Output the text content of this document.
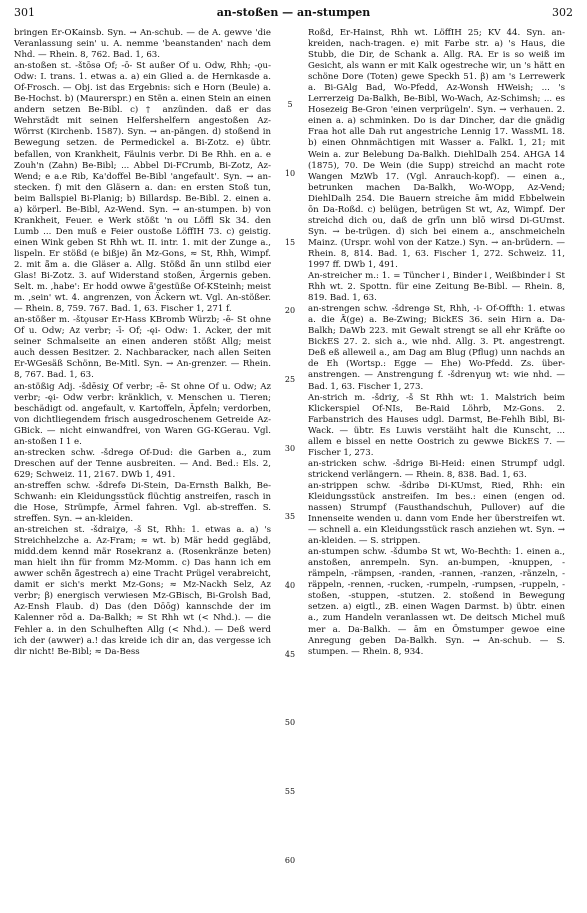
301	an-stoßen — an-stumpen	302

bringen Er-OKainsb. Syn. → An-schub. — de A. gewve 'die Veranlassung sein' u. A. nemme 'beanstanden' nach dem Nhd. — Rhein. 8, 762. Bad. 1, 63.

an-stoßen st. -štōsə Of; -ō- St außer Of u. Odw, Rhh; -ǫu- Odw: I. trans. 1. etwas a. a) ein Glied a. de Hernkasde a. Of-Frosch. — Obj. ist das Ergebnis: sich e Horn (Beule) a. Be-Hochst. b) (Maurerspr.) en Stẽn a. einen Stein an einen andern setzen Be-Bibl. c) † anzünden. daß er das Wehrstädt mit seinen Helfershelfern angestoßen Az-Wörrst (Kirchenb. 1587). Syn. → an-pängen. d) stoßend in Bewegung setzen. de Permedickel a. Bi-Zotz. e) übtr. befallen, von Krankheit, Fäulnis verbr. Di Be Rhh. en a. e Zouh'n (Zahn) Be-Bibl; ... Abbel Di-FCrumb, Bi-Zotz, Az-Wend; e a.e Rib, Ka'doffel Be-Bibl 'angefault'. Syn. → an-stecken. f) mit den Gläsern a. dan: en ersten Stoß tun, beim Ballspiel Bi-Planig; b) Billardsp. Be-Bibl. 2. einen a. a) körperl. Be-Bibl, Az-Wend. Syn. → an-stumpen. b) von Krankheit, Feuer. e Werk stößt 'n ou Löffl Sk 34. den Lumb ... Den muß e Feier oustoße LöffIH 73. c) geistig. einen Wink geben St Rhh wt. II. intr. 1. mit der Zunge a., lispeln. Er stößd (e bißje) ā̃n Mz-Gons, ≈ St, Rhh, Wimpf. 2. mit ā̃m a. die Gläser a. Allg. Stößd ā̃n unn stilbd eier Glas! Bi-Zotz. 3. auf Widerstand stoßen, Ärgernis geben. Selt. m. ,habe': Er hodd owwe ā̃'gestüße Of-KSteinh; meist m. ,sein' wt. 4. angrenzen, von Äckern wt. Vgl. An-stößer. — Rhein. 8, 759. 767. Bad. 1, 63. Fischer 1, 271 f.

an-stößer m. -štǫusər Er-Hass KBromb Würzb; -ē- St ohne Of u. Odw; Az verbr; -ī- Of; -ęi- Odw: 1. Acker, der mit seiner Schmalseite an einen anderen stößt Allg; meist auch dessen Besitzer. 2. Nachbaracker, nach allen Seiten Er-WGesäß Schönn, Be-Mitl. Syn. → An-grenzer. — Rhein. 8, 767. Bad. 1, 63.

an-stößig Adj. -šdēsiχ Of verbr; -ē- St ohne Of u. Odw; Az verbr; -ęi- Odw verbr: kränklich, v. Menschen u. Tieren; beschädigt od. angefault, v. Kartoffeln, Äpfeln; verdorben, von dichtliegendem frisch ausgedroschenem Getreide Az-GBick. — nicht einwandfrei, von Waren GG-KGerau. Vgl. an-stoßen I 1 e.

an-strecken schw. -šdregə Of-Dud: die Garben a., zum Dreschen auf der Tenne ausbreiten. — And. Bed.: Els. 2, 629; Schweiz. 11, 2167. DWb 1, 491.

an-streffen schw. -šdrefə Di-Stein, Da-Ernsth Balkh, Be-Schwanh: ein Kleidungsstück flüchtig anstreifen, rasch in die Hose, Strümpfe, Ärmel fahren. Vgl. ab-streffen. S. streffen. Syn. → an-kleiden.

an-streichen st. -šdraiχə, -š St, Rhh: 1. etwas a. a) 's Streichhelzche a. Az-Fram; ≈ wt. b) Mär hedd geglābd, midd.dem kennd mär Rosekranz a. (Rosenkränze beten) man hielt ihn für fromm Mz-Momm. c) Das hann ich em awwer schē̃n ā̃gestrech a) eine Tracht Prügel verabreicht, damit er sich's merkt Mz-Gons; ≈ Mz-Nackh Selz, Az verbr; β) energisch verwiesen Mz-GBisch, Bi-Grolsh Bad, Az-Ensh Flaub. d) Das (den Dōōg) kannschde der im Kalenner rōd a. Da-Balkh; ≈ St Rhh wt (< Nhd.). — die Fehler a. in den Schulheften Allg (< Nhd.). — Deß werd ich der (awwer) a.! das kreide ich dir an, das vergesse ich dir nicht! Be-Bibl; ≈ Da-Bess

5
10
15
20
25
30
35
40
45
50
55
60

Roßd, Er-Hainst, Rhh wt. LöffIH 25; KV 44. Syn. an-kreiden, nach-tragen. e) mit Farbe str. a) 's Haus, die Stubb, die Dir, de Schank a. Allg. RA. Er is so weiß im Gesicht, als wann er mit Kalk ogestreche wir, un 's hätt en schöne Dore (Toten) gewe Speckh 51. β) am 's Lerrewerk a. Bi-GAlg Bad, Wo-Pfedd, Az-Wonsh HWeish; ... 's Lerrerzeig Da-Balkh, Be-Bibl, Wo-Wach, Az-Schimsh; ... es Hosezeig Be-Gron 'einen verprügeln'. Syn. → verhauen. 2. einen a. a) schminken. Do is dar Dincher, dar die gnädig Fraa hot alle Dah rut angestriche Lennig 17. WassML 18. b) einen Ohnmächtigen mit Wasser a. FalkL 1, 21; mit Wein a. zur Belebung Da-Balkh. DiehlDalh 254. AHGA 14 (1875), 70. De Wein (die Supp) streichd an macht rote Wangen MzWb 17. (Vgl. Anrauch-kopf). — einen a., betrunken machen Da-Balkh, Wo-WOpp, Az-Vend; DiehlDalh 254. Die Bauern streiche ām midd Ebbelwein ōn Da-Roßd. c) belügen, betrügen St wt, Az, Wimpf. Der streichd dich ou, daß de grī̃n unn blō wirsd Di-GUmst. Syn. → be-trügen. d) sich bei einem a., anschmeicheln Mainz. (Urspr. wohl von der Katze.) Syn. → an-brüdern. — Rhein. 8, 814. Bad. 1, 63. Fischer 1, 272. Schweiz. 11, 1997 ff. DWb 1, 491.

An-streicher m.: 1. = Tüncher↓, Binder↓, Weißbinder↓ St Rhh wt. 2. Spottn. für eine Zeitung Be-Bibl. — Rhein. 8, 819. Bad. 1, 63.

an-strengen schw. -šdrengə St, Rhh, -i- Of-Offth: 1. etwas a. die Ā̃(ge) a. Be-Zwing; BickES 36. sein Hirn a. Da-Balkh; DaWb 223. mit Gewalt strengt se all ehr Kräfte oo BickES 27. 2. sich a., wie nhd. Allg. 3. Pt. angestrengt. Deß eß alleweil a., am Dag am Blug (Pflug) unn nachds an de Eh (Wortsp.: Egge — Ehe) Wo-Pfedd. Zs. über-anstrengen. — Anstrengung f. -šdrenγuŋ wt: wie nhd. — Bad. 1, 63. Fischer 1, 273.

An-strich m. -šdriχ, -š St Rhh wt: 1. Malstrich beim Klickerspiel Of-NIs, Be-Raid Löhrb, Mz-Gons. 2. Farbanstrich des Hauses udgl. Darmst, Be-Fehlh Bibl, Bi-Wack. — übtr. Es Luwis verstäiht halt die Kunscht, ... allem e bissel en nette Oostrich zu gewwe BickES 7. — Fischer 1, 273.

an-stricken schw. -šdrigə Bi-Heid: einen Strumpf udgl. strickend verlängern. — Rhein. 8, 838. Bad. 1, 63.

an-strippen schw. -šdribə Di-KUmst, Ried, Rhh: ein Kleidungsstück anstreifen. Im bes.: einen (engen od. nassen) Strumpf (Fausthandschuh, Pullover) auf die Innenseite wenden u. dann vom Ende her überstreifen wt. — schnell a. ein Kleidungsstück rasch anziehen wt. Syn. → an-kleiden. — S. strippen.

an-stumpen schw. -šdumbə St wt, Wo-Bechth: 1. einen a., anstoßen, anrempeln. Syn. an-bumpen, -knuppen, -rämpeln, -rämpsen, -randen, -rannen, -ranzen, -ränzeln, -räppeln, -rennen, -rucken, -rumpeln, -rumpsen, -ruppeln, -stoßen, -stuppen, -stutzen. 2. stoßend in Bewegung setzen. a) eigtl., zB. einen Wagen Darmst. b) übtr. einen a., zum Handeln veranlassen wt. De deitsch Michel muß mer a. Da-Balkh. — ām en Ōmstumper gewoe eine Anregung geben Da-Balkh. Syn. → An-schub. — S. stumpen. — Rhein. 8, 934.
